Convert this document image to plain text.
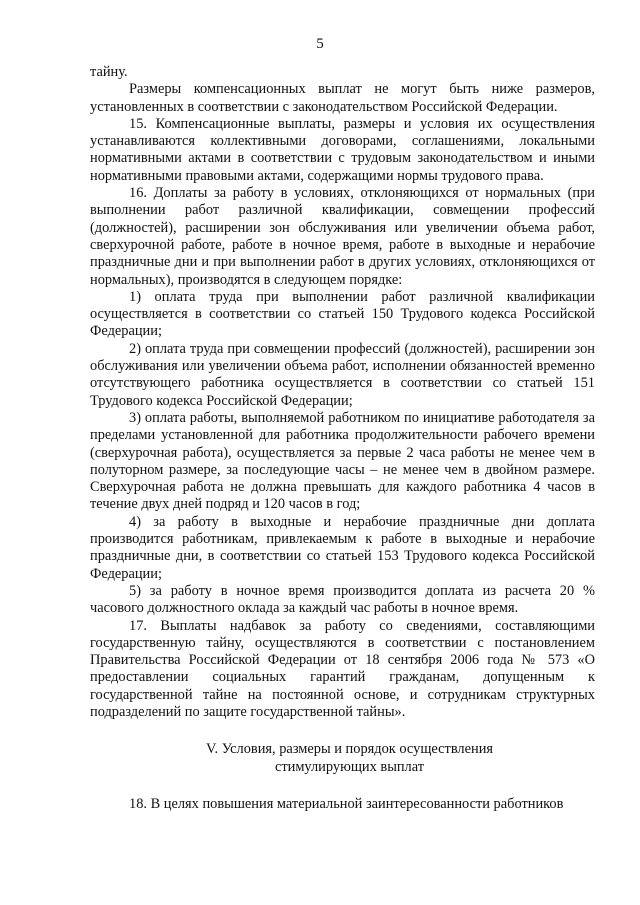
5

тайну.

Размеры компенсационных выплат не могут быть ниже размеров, установленных в соответствии с законодательством Российской Федерации.

15. Компенсационные выплаты, размеры и условия их осуществления устанавливаются коллективными договорами, соглашениями, локальными нормативными актами в соответствии с трудовым законодательством и иными нормативными правовыми актами, содержащими нормы трудового права.

16. Доплаты за работу в условиях, отклоняющихся от нормальных (при выполнении работ различной квалификации, совмещении профессий (должностей), расширении зон обслуживания или увеличении объема работ, сверхурочной работе, работе в ночное время, работе в выходные и нерабочие праздничные дни и при выполнении работ в других условиях, отклоняющихся от нормальных), производятся в следующем порядке:

1) оплата труда при выполнении работ различной квалификации осуществляется в соответствии со статьей 150 Трудового кодекса Российской Федерации;

2) оплата труда при совмещении профессий (должностей), расширении зон обслуживания или увеличении объема работ, исполнении обязанностей временно отсутствующего работника осуществляется в соответствии со статьей 151 Трудового кодекса Российской Федерации;

3) оплата работы, выполняемой работником по инициативе работодателя за пределами установленной для работника продолжительности рабочего времени (сверхурочная работа), осуществляется за первые 2 часа работы не менее чем в полуторном размере, за последующие часы – не менее чем в двойном размере. Сверхурочная работа не должна превышать для каждого работника 4 часов в течение двух дней подряд и 120 часов в год;

4) за работу в выходные и нерабочие праздничные дни доплата производится работникам, привлекаемым к работе в выходные и нерабочие праздничные дни, в соответствии со статьей 153 Трудового кодекса Российской Федерации;

5) за работу в ночное время производится доплата из расчета 20 % часового должностного оклада за каждый час работы в ночное время.

17. Выплаты надбавок за работу со сведениями, составляющими государственную тайну, осуществляются в соответствии с постановлением Правительства Российской Федерации от 18 сентября 2006 года № 573 «О предоставлении социальных гарантий гражданам, допущенным к государственной тайне на постоянной основе, и сотрудникам структурных подразделений по защите государственной тайны».

V. Условия, размеры и порядок осуществления
стимулирующих выплат

18. В целях повышения материальной заинтересованности работников
